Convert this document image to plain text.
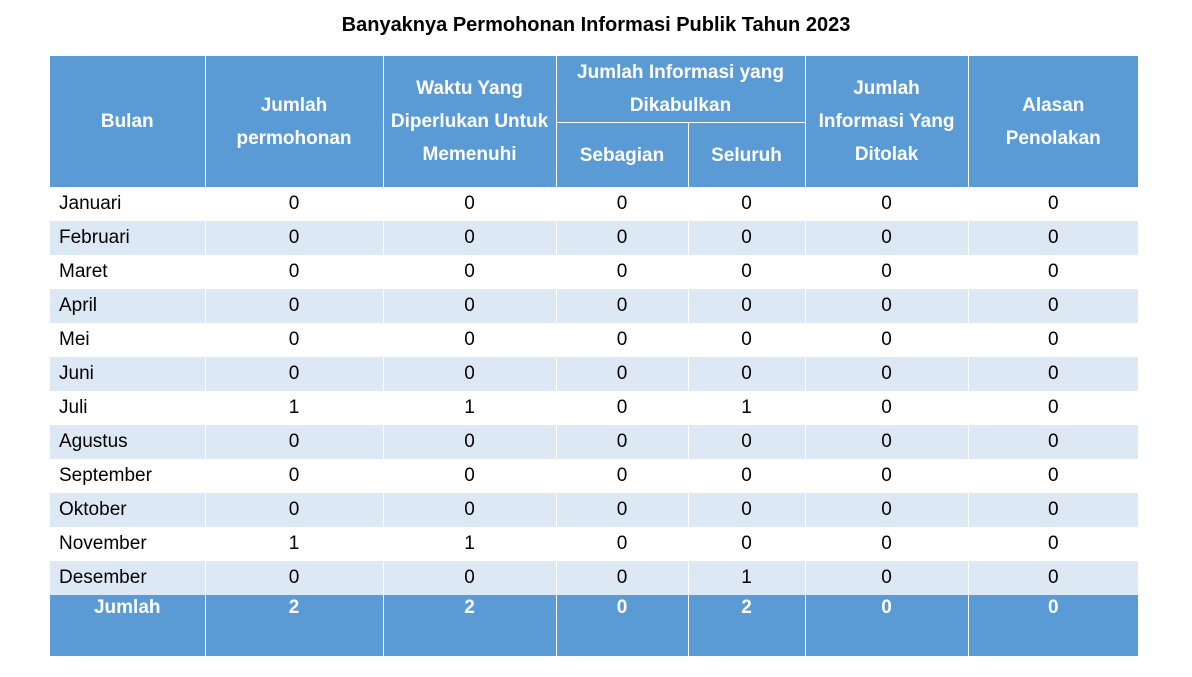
Banyaknya Permohonan Informasi Publik Tahun 2023
Bulan	Jumlah permohonan	Waktu Yang Diperlukan Untuk Memenuhi	Jumlah Informasi yang Dikabulkan		Jumlah Informasi Yang Ditolak	Alasan Penolakan
			Sebagian	Seluruh		
Januari	0	0	0	0	0	0
Februari	0	0	0	0	0	0
Maret	0	0	0	0	0	0
April	0	0	0	0	0	0
Mei	0	0	0	0	0	0
Juni	0	0	0	0	0	0
Juli	1	1	0	1	0	0
Agustus	0	0	0	0	0	0
September	0	0	0	0	0	0
Oktober	0	0	0	0	0	0
November	1	1	0	0	0	0
Desember	0	0	0	1	0	0
Jumlah	2	2	0	2	0	0
